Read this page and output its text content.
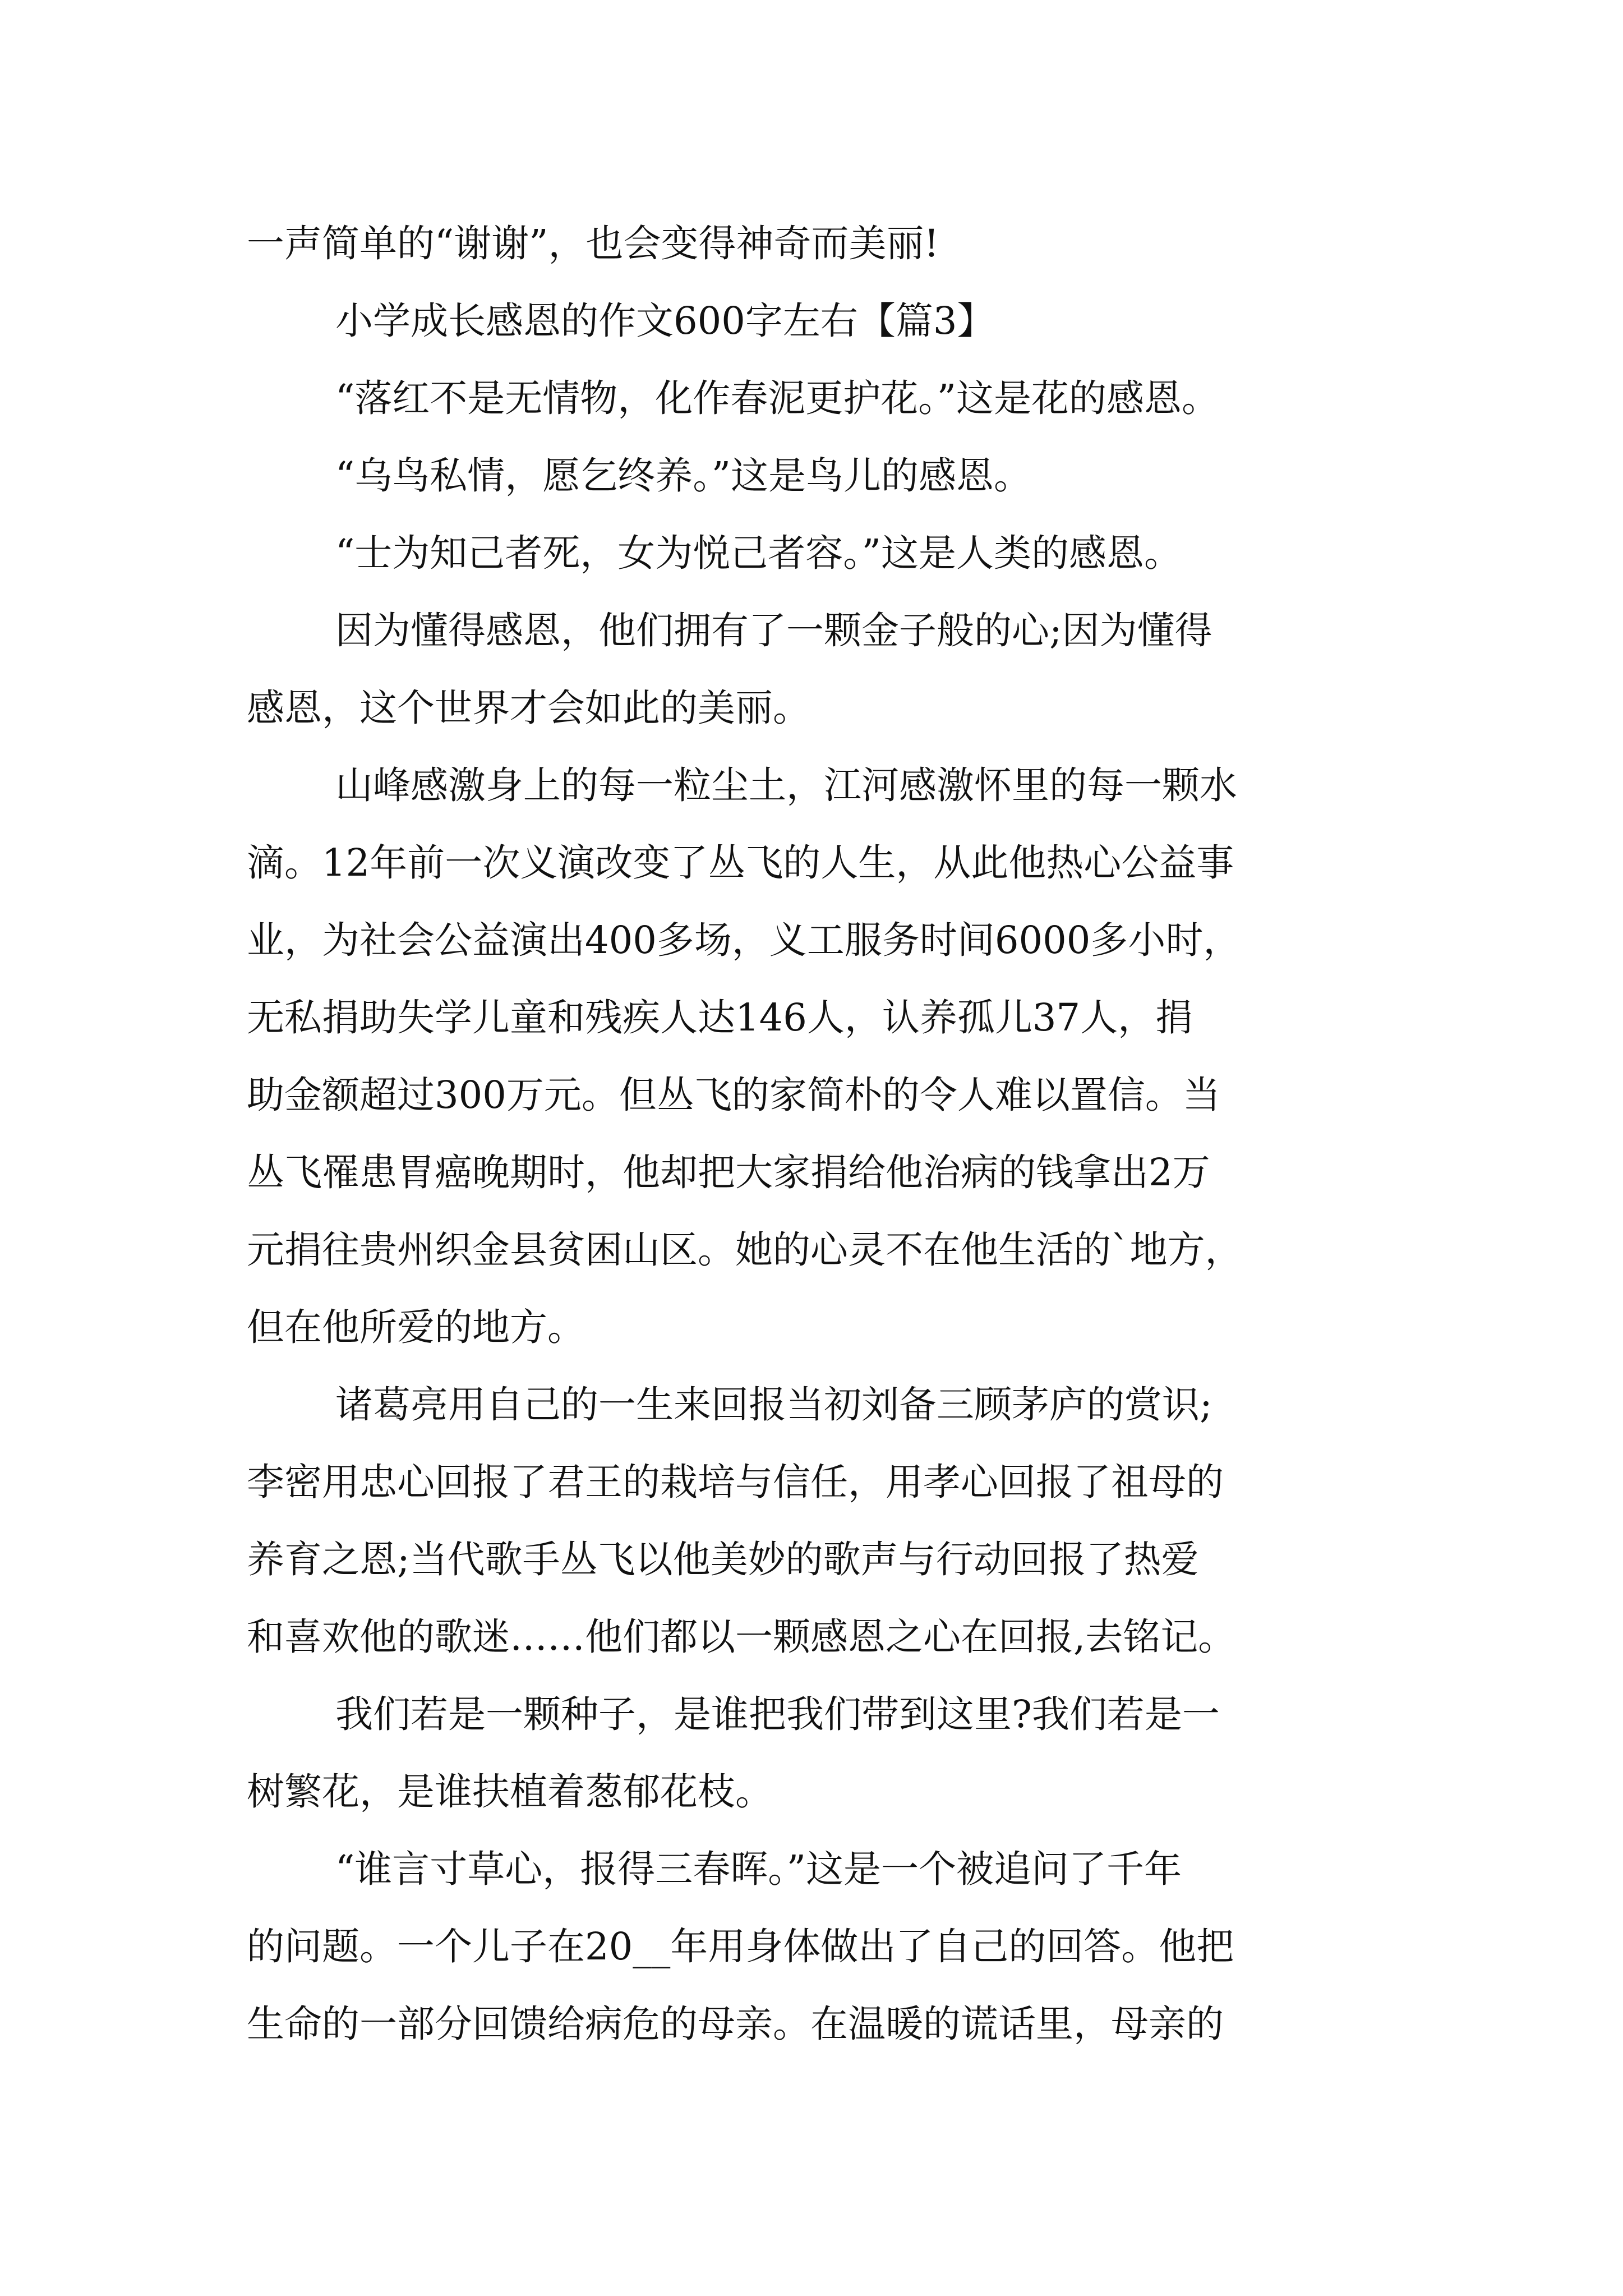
一声简单的“谢谢”，也会变得神奇而美丽!
小学成长感恩的作文600字左右【篇3】
“落红不是无情物，化作春泥更护花。”这是花的感恩。
“乌鸟私情，愿乞终养。”这是鸟儿的感恩。
“士为知己者死，女为悦己者容。”这是人类的感恩。
因为懂得感恩，他们拥有了一颗金子般的心;因为懂得
感恩，这个世界才会如此的美丽。
山峰感激身上的每一粒尘土，江河感激怀里的每一颗水
滴。12年前一次义演改变了丛飞的人生，从此他热心公益事
业，为社会公益演出400多场，义工服务时间6000多小时，
无私捐助失学儿童和残疾人达146人，认养孤儿37人，捐
助金额超过300万元。但丛飞的家简朴的令人难以置信。当
丛飞罹患胃癌晚期时，他却把大家捐给他治病的钱拿出2万
元捐往贵州织金县贫困山区。她的心灵不在他生活的`地方，
但在他所爱的地方。
诸葛亮用自己的一生来回报当初刘备三顾茅庐的赏识;
李密用忠心回报了君王的栽培与信任，用孝心回报了祖母的
养育之恩;当代歌手丛飞以他美妙的歌声与行动回报了热爱
和喜欢他的歌迷……他们都以一颗感恩之心在回报,去铭记。
我们若是一颗种子，是谁把我们带到这里?我们若是一
树繁花，是谁扶植着葱郁花枝。
“谁言寸草心，报得三春晖。”这是一个被追问了千年
的问题。一个儿子在20__年用身体做出了自己的回答。他把
生命的一部分回馈给病危的母亲。在温暖的谎话里，母亲的
